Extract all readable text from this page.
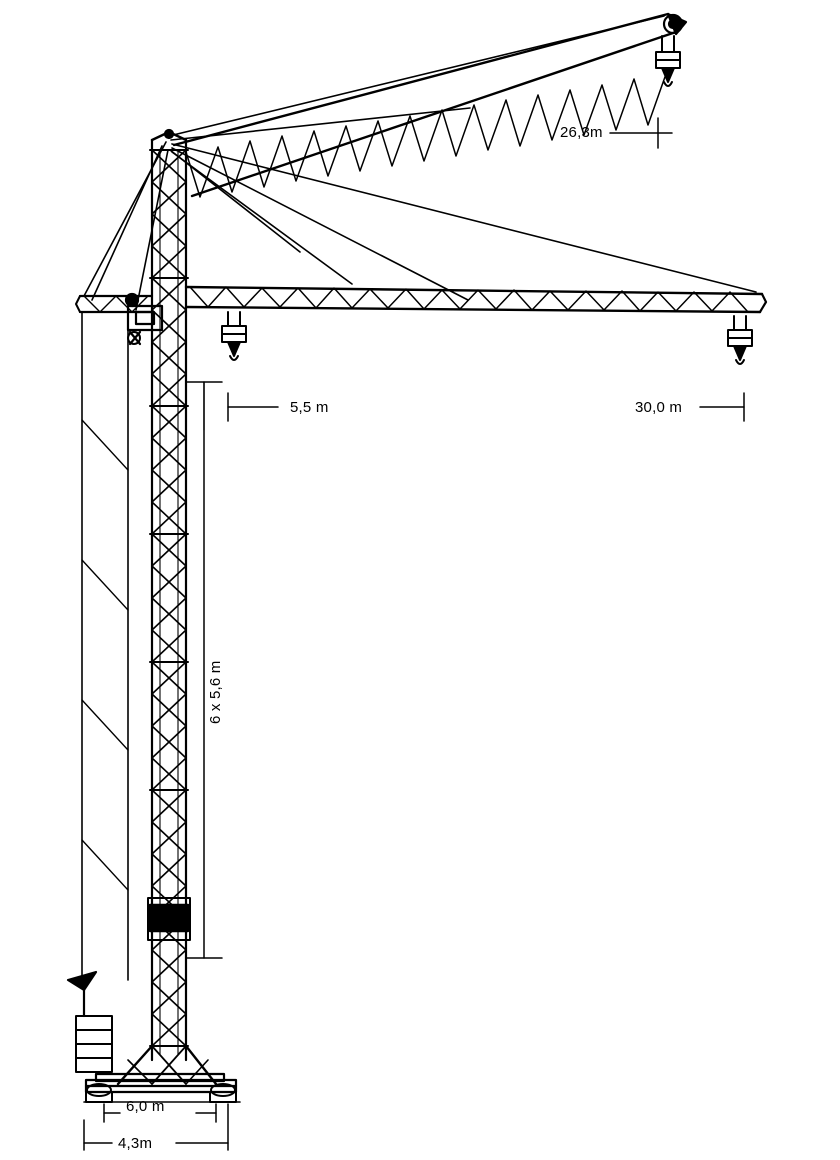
26,3m
5,5 m	30,0 m
6 x 5,6 m
6,0 m
4,3m
